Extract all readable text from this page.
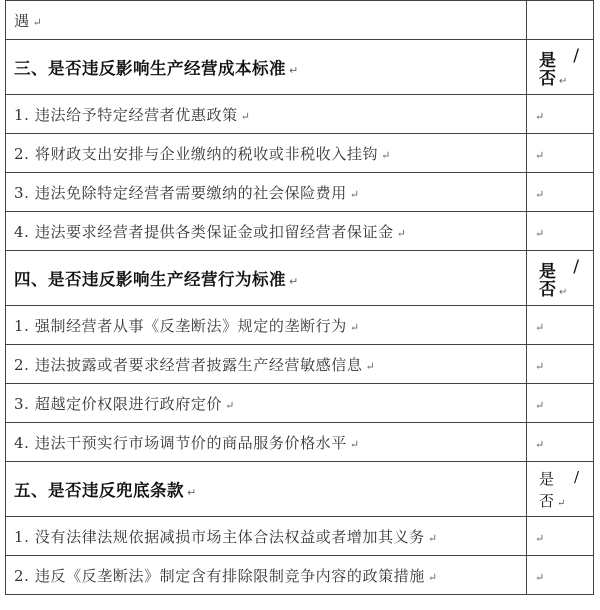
遇 ↵	
三、是否违反影响生产经营成本标准 ↵	是 /
否 ↵

1. 违法给予特定经营者优惠政策 ↵	↵
2. 将财政支出安排与企业缴纳的税收或非税收入挂钩 ↵	↵
3. 违法免除特定经营者需要缴纳的社会保险费用 ↵	↵
4. 违法要求经营者提供各类保证金或扣留经营者保证金 ↵	↵
四、是否违反影响生产经营行为标准 ↵	是 /
否 ↵

1. 强制经营者从事《反垄断法》规定的垄断行为 ↵	↵
2. 违法披露或者要求经营者披露生产经营敏感信息 ↵	↵
3. 超越定价权限进行政府定价 ↵	↵
4. 违法干预实行市场调节价的商品服务价格水平 ↵	↵
五、是否违反兜底条款 ↵	是 /
否 ↵

1. 没有法律法规依据减损市场主体合法权益或者增加其义务 ↵	↵
2. 违反《反垄断法》制定含有排除限制竞争内容的政策措施 ↵	↵
